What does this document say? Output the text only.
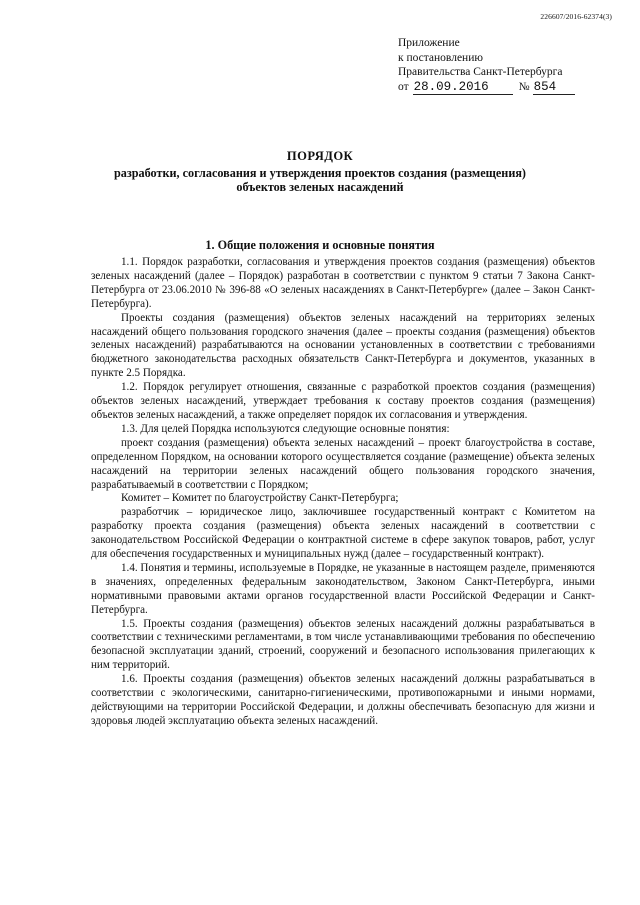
226607/2016-62374(3)
Приложение
к постановлению
Правительства Санкт-Петербурга
от 28.09.2016	№ 854
ПОРЯДОК
разработки, согласования и утверждения проектов создания (размещения)
объектов зеленых насаждений
1. Общие положения и основные понятия

1.1. Порядок разработки, согласования и утверждения проектов создания (размещения) объектов зеленых насаждений (далее – Порядок) разработан в соответствии с пунктом 9 статьи 7 Закона Санкт-Петербурга от 23.06.2010 № 396-88 «О зеленых насаждениях в Санкт-Петербурге» (далее – Закон Санкт-Петербурга).

Проекты создания (размещения) объектов зеленых насаждений на территориях зеленых насаждений общего пользования городского значения (далее – проекты создания (размещения) объектов зеленых насаждений) разрабатываются на основании установленных в соответствии с требованиями бюджетного законодательства расходных обязательств Санкт-Петербурга и документов, указанных в пункте 2.5 Порядка.

1.2. Порядок регулирует отношения, связанные с разработкой проектов создания (размещения) объектов зеленых насаждений, утверждает требования к составу проектов создания (размещения) объектов зеленых насаждений, а также определяет порядок их согласования и утверждения.

1.3. Для целей Порядка используются следующие основные понятия:

проект создания (размещения) объекта зеленых насаждений – проект благоустройства в составе, определенном Порядком, на основании которого осуществляется создание (размещение) объекта зеленых насаждений на территории зеленых насаждений общего пользования городского значения, разрабатываемый в соответствии с Порядком;

Комитет – Комитет по благоустройству Санкт-Петербурга;

разработчик – юридическое лицо, заключившее государственный контракт с Комитетом на разработку проекта создания (размещения) объекта зеленых насаждений в соответствии с законодательством Российской Федерации о контрактной системе в сфере закупок товаров, работ, услуг для обеспечения государственных и муниципальных нужд (далее – государственный контракт).

1.4. Понятия и термины, используемые в Порядке, не указанные в настоящем разделе, применяются в значениях, определенных федеральным законодательством, Законом Санкт-Петербурга, иными нормативными правовыми актами органов государственной власти Российской Федерации и Санкт-Петербурга.

1.5. Проекты создания (размещения) объектов зеленых насаждений должны разрабатываться в соответствии с техническими регламентами, в том числе устанавливающими требования по обеспечению безопасной эксплуатации зданий, строений, сооружений и безопасного использования прилегающих к ним территорий.

1.6. Проекты создания (размещения) объектов зеленых насаждений должны разрабатываться в соответствии с экологическими, санитарно-гигиеническими, противопожарными и иными нормами, действующими на территории Российской Федерации, и должны обеспечивать безопасную для жизни и здоровья людей эксплуатацию объекта зеленых насаждений.
